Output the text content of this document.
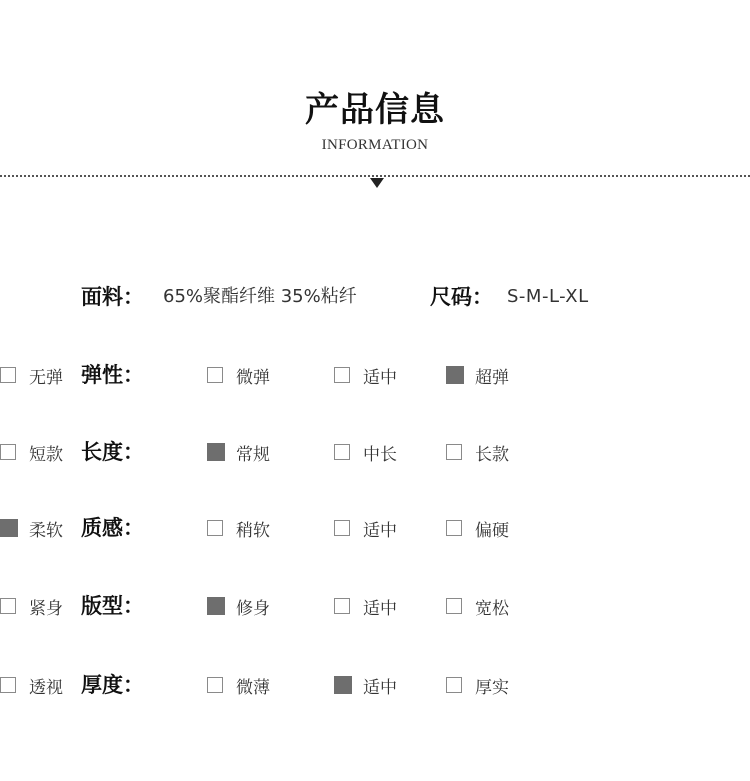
产品信息
INFORMATION
面料： 65%聚酯纤维 35%粘纤	尺码： S-M-L-XL
弹性：
无弹	微弹	适中	超弹
长度：
短款	常规	中长	长款
质感：
柔软	稍软	适中	偏硬
版型：
紧身	修身	适中	宽松
厚度：
透视	微薄	适中	厚实
